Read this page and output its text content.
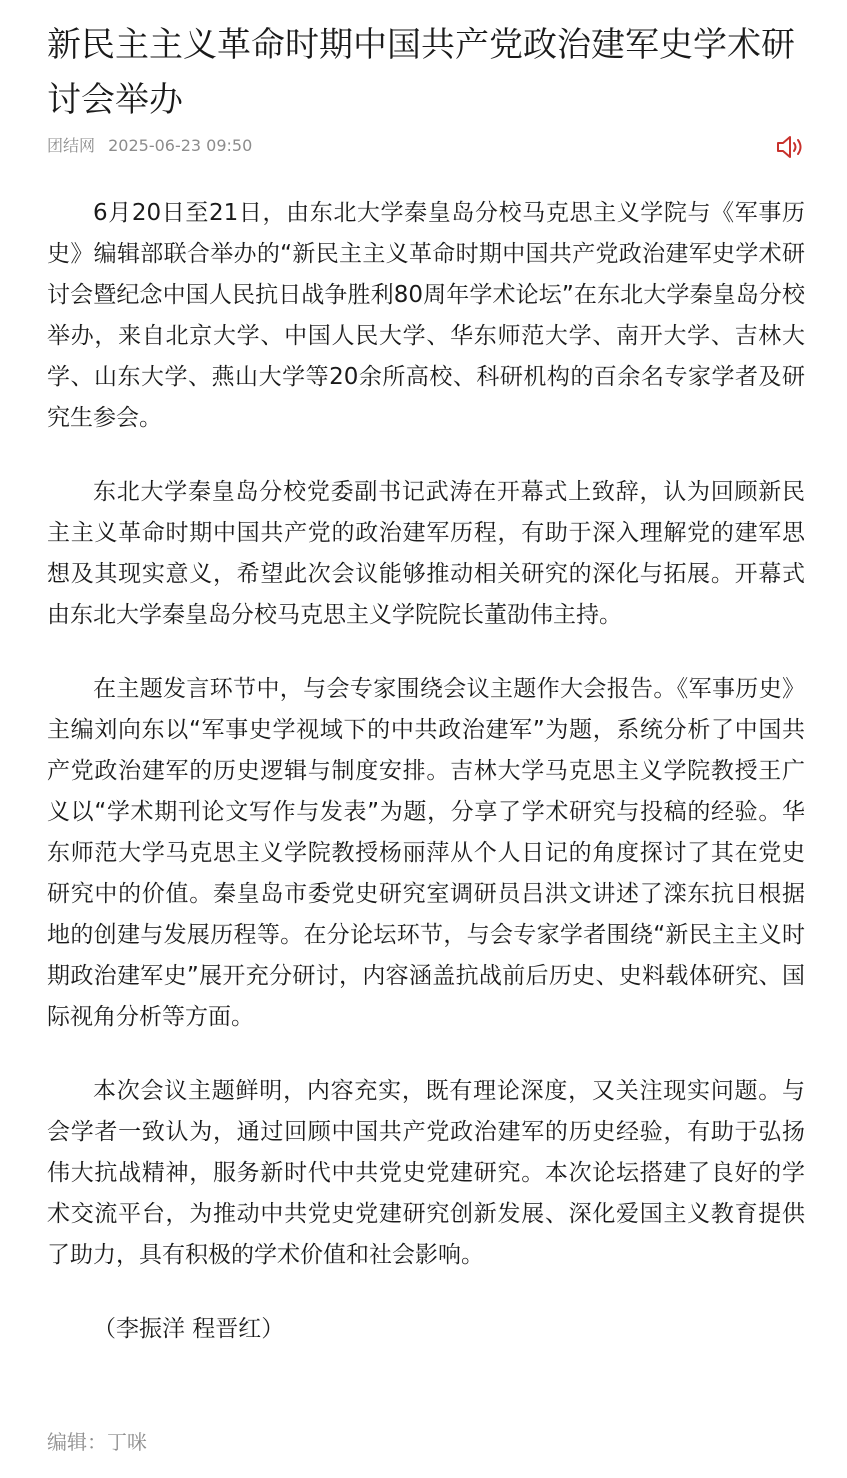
新民主主义革命时期中国共产党政治建军史学术研讨会举办
团结网 2025-06-23 09:50

6月20日至21日，由东北大学秦皇岛分校马克思主义学院与《军事历史》编辑部联合举办的“新民主主义革命时期中国共产党政治建军史学术研讨会暨纪念中国人民抗日战争胜利80周年学术论坛”在东北大学秦皇岛分校举办，来自北京大学、中国人民大学、华东师范大学、南开大学、吉林大学、山东大学、燕山大学等20余所高校、科研机构的百余名专家学者及研究生参会。

东北大学秦皇岛分校党委副书记武涛在开幕式上致辞，认为回顾新民主主义革命时期中国共产党的政治建军历程，有助于深入理解党的建军思想及其现实意义，希望此次会议能够推动相关研究的深化与拓展。开幕式由东北大学秦皇岛分校马克思主义学院院长董劭伟主持。

在主题发言环节中，与会专家围绕会议主题作大会报告。《军事历史》主编刘向东以“军事史学视域下的中共政治建军”为题，系统分析了中国共产党政治建军的历史逻辑与制度安排。吉林大学马克思主义学院教授王广义以“学术期刊论文写作与发表”为题，分享了学术研究与投稿的经验。华东师范大学马克思主义学院教授杨丽萍从个人日记的角度探讨了其在党史研究中的价值。秦皇岛市委党史研究室调研员吕洪文讲述了滦东抗日根据地的创建与发展历程等。在分论坛环节，与会专家学者围绕“新民主主义时期政治建军史”展开充分研讨，内容涵盖抗战前后历史、史料载体研究、国际视角分析等方面。

本次会议主题鲜明，内容充实，既有理论深度，又关注现实问题。与会学者一致认为，通过回顾中国共产党政治建军的历史经验，有助于弘扬伟大抗战精神，服务新时代中共党史党建研究。本次论坛搭建了良好的学术交流平台，为推动中共党史党建研究创新发展、深化爱国主义教育提供了助力，具有积极的学术价值和社会影响。

（李振洋 程晋红）

编辑：丁咪
